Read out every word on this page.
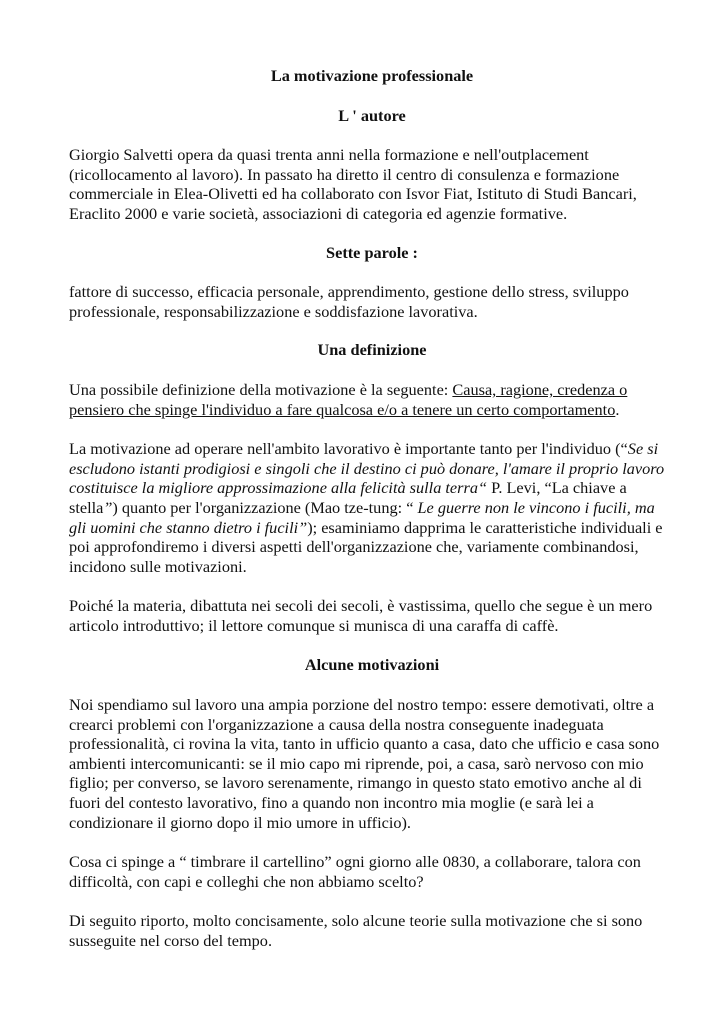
La motivazione professionale

L ' autore

Giorgio Salvetti opera da quasi trenta anni nella formazione e nell'outplacement (ricollocamento al lavoro). In passato ha diretto il centro di consulenza e formazione commerciale in Elea-Olivetti ed ha collaborato con Isvor Fiat, Istituto di Studi Bancari, Eraclito 2000 e varie società, associazioni di categoria ed agenzie formative.

Sette parole :

fattore di successo, efficacia personale, apprendimento, gestione dello stress, sviluppo professionale, responsabilizzazione e soddisfazione lavorativa.

Una definizione

Una possibile definizione della motivazione è la seguente: Causa, ragione, credenza o pensiero che spinge l'individuo a fare qualcosa e/o a tenere un certo comportamento.

La motivazione ad operare nell'ambito lavorativo è importante tanto per l'individuo (“Se si escludono istanti prodigiosi e singoli che il destino ci può donare, l'amare il proprio lavoro costituisce la migliore approssimazione alla felicità sulla terra“ P. Levi, “La chiave a stella”) quanto per l'organizzazione (Mao tze-tung: “ Le guerre non le vincono i fucili, ma gli uomini che stanno dietro i fucili”); esaminiamo dapprima le caratteristiche individuali e poi approfondiremo i diversi aspetti dell'organizzazione che, variamente combinandosi, incidono sulle motivazioni.

Poiché la materia, dibattuta nei secoli dei secoli, è vastissima, quello che segue è un mero articolo introduttivo; il lettore comunque si munisca di una caraffa di caffè.

Alcune motivazioni

Noi spendiamo sul lavoro una ampia porzione del nostro tempo: essere demotivati, oltre a crearci problemi con l'organizzazione a causa della nostra conseguente inadeguata professionalità, ci rovina la vita, tanto in ufficio quanto a casa, dato che ufficio e casa sono ambienti intercomunicanti: se il mio capo mi riprende, poi, a casa, sarò nervoso con mio figlio; per converso, se lavoro serenamente, rimango in questo stato emotivo anche al di fuori del contesto lavorativo, fino a quando non incontro mia moglie (e sarà lei a condizionare il giorno dopo il mio umore in ufficio).

Cosa ci spinge a “ timbrare il cartellino” ogni giorno alle 0830, a collaborare, talora con difficoltà, con capi e colleghi che non abbiamo scelto?

Di seguito riporto, molto concisamente, solo alcune teorie sulla motivazione che si sono susseguite nel corso del tempo.
